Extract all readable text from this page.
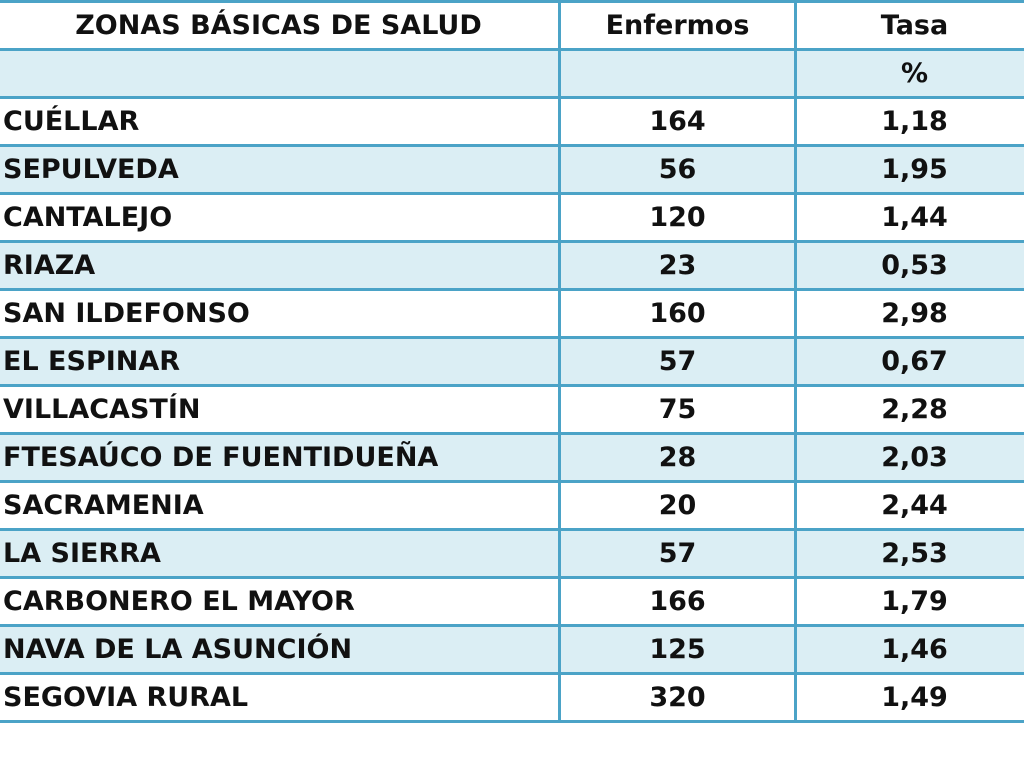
ZONAS BÁSICAS DE SALUD	Enfermos	Tasa
		%
CUÉLLAR	164	1,18
SEPULVEDA	56	1,95
CANTALEJO	120	1,44
RIAZA	23	0,53
SAN ILDEFONSO	160	2,98
EL ESPINAR	57	0,67
VILLACASTÍN	75	2,28
FTESAÚCO DE FUENTIDUEÑA	28	2,03
SACRAMENIA	20	2,44
LA SIERRA	57	2,53
CARBONERO EL MAYOR	166	1,79
NAVA DE LA ASUNCIÓN	125	1,46
SEGOVIA RURAL	320	1,49
